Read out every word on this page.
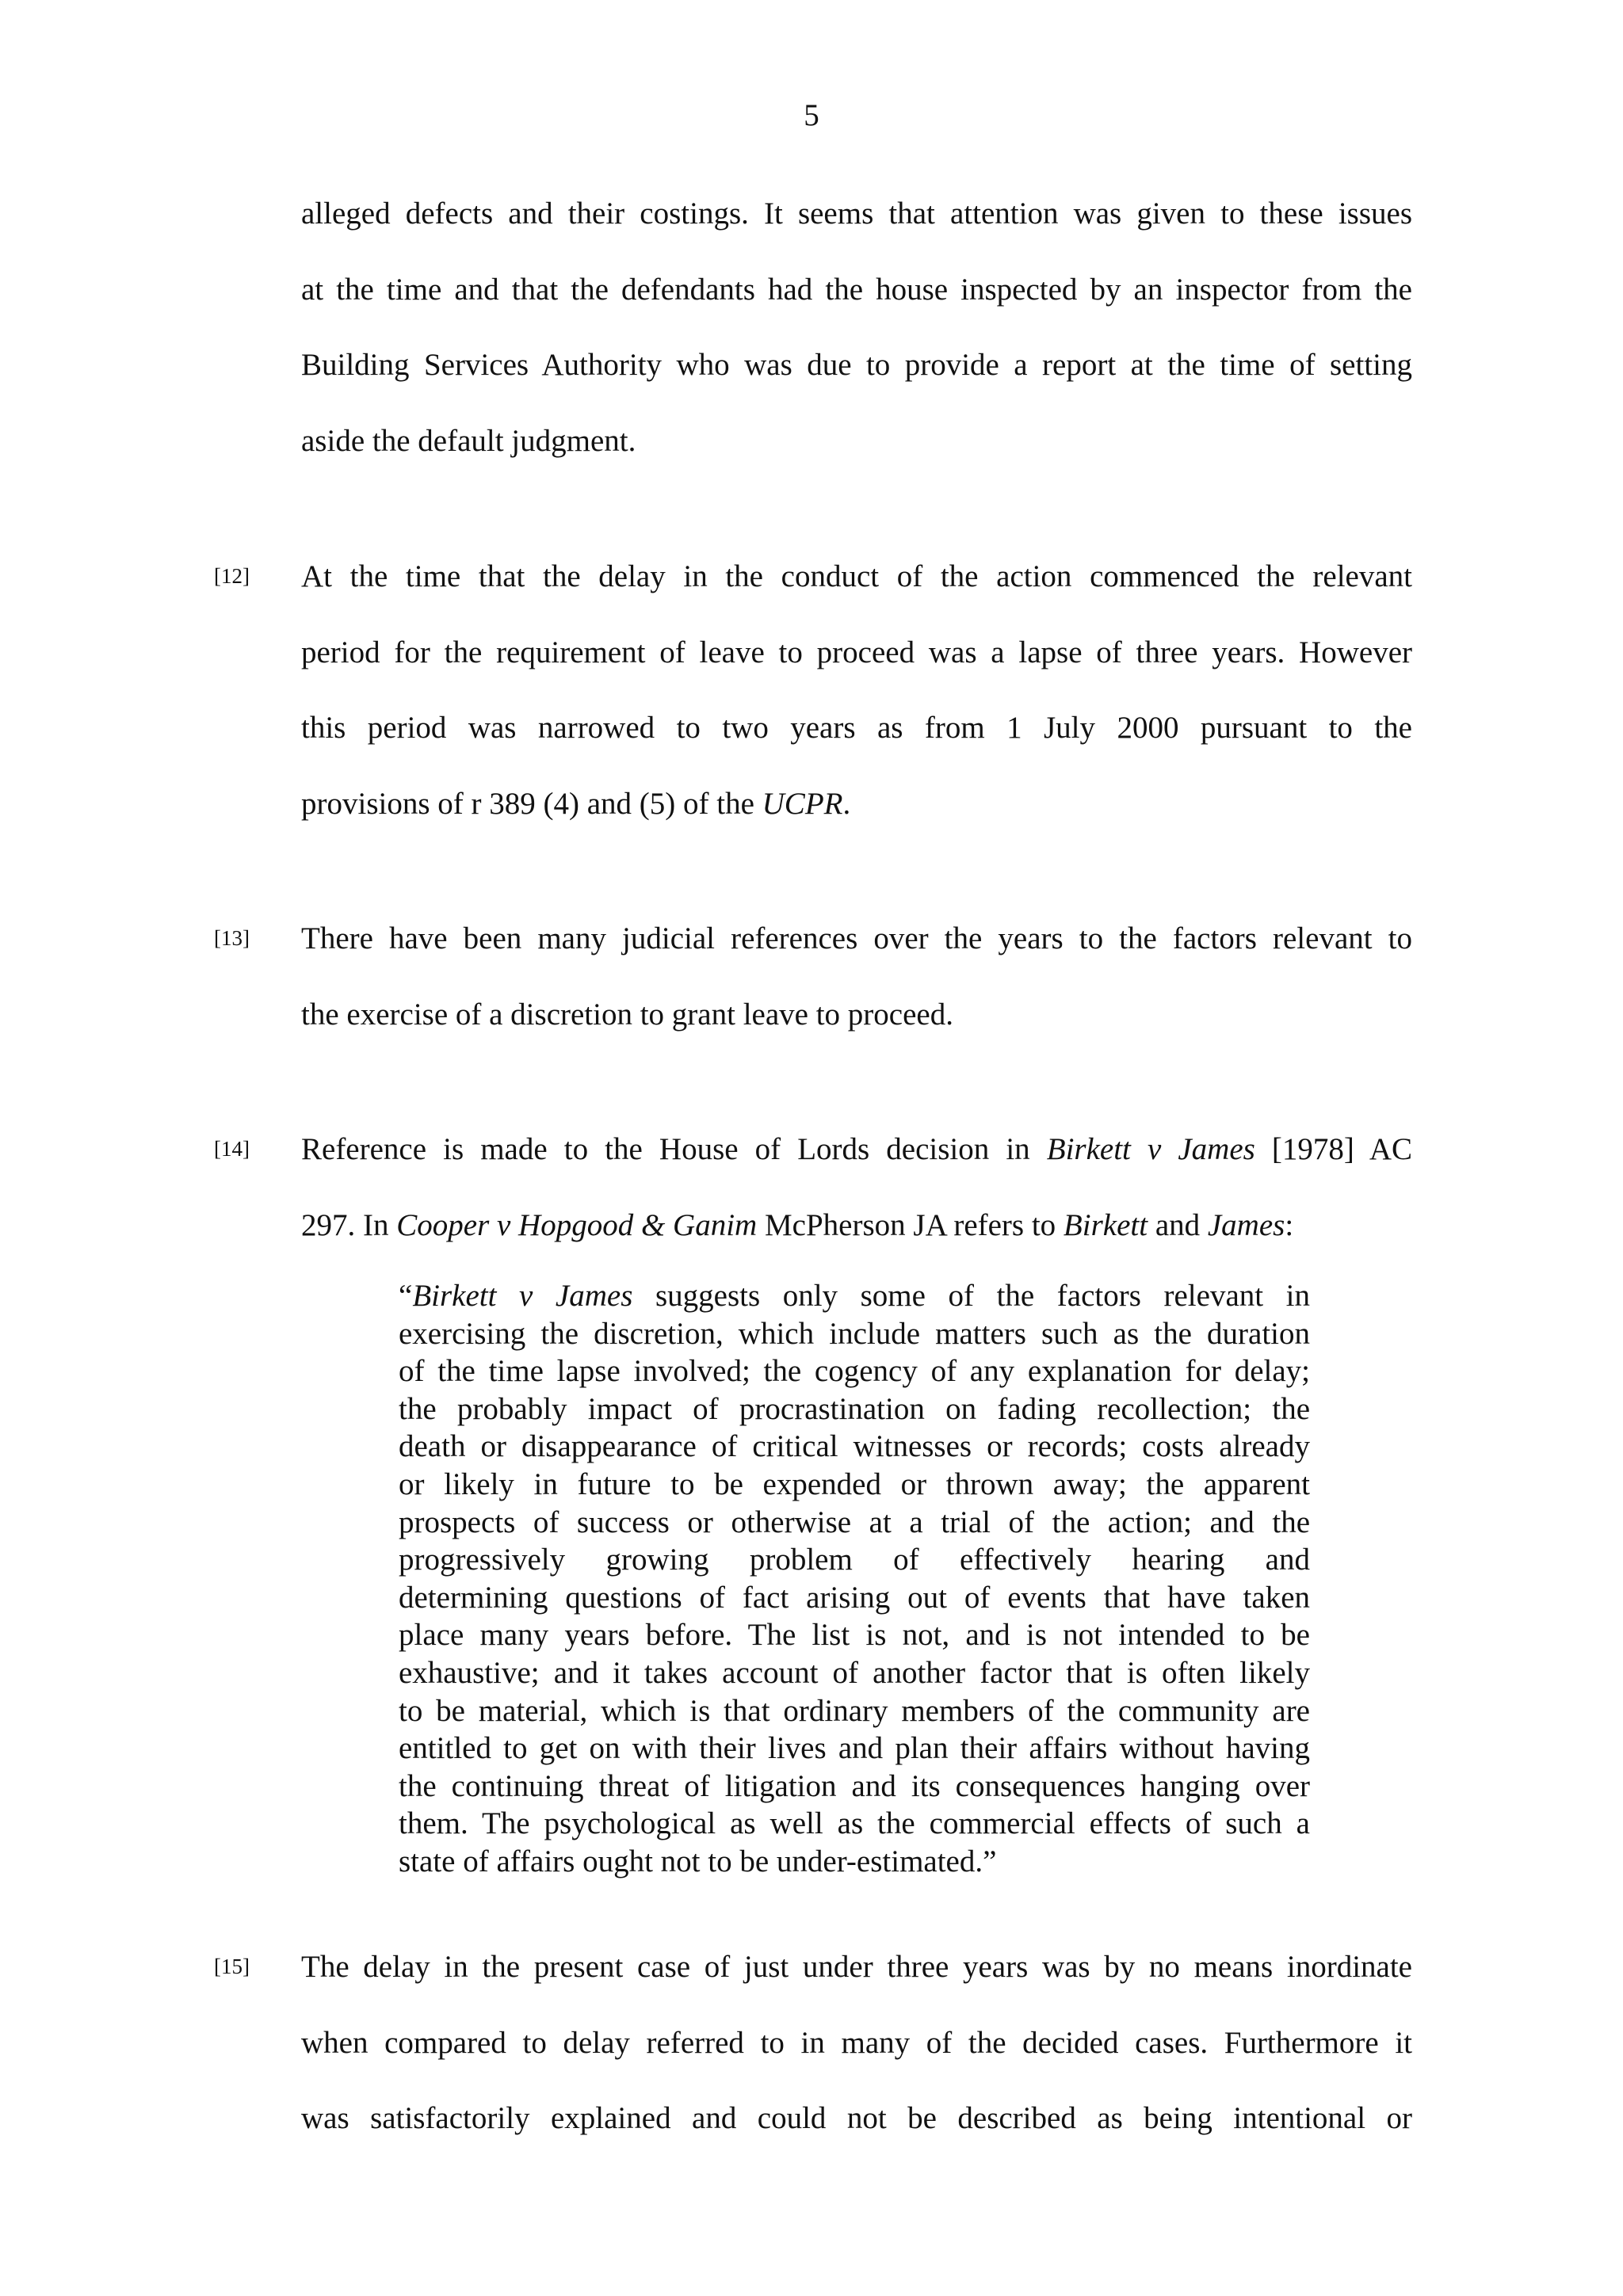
5
alleged defects and their costings. It seems that attention was given to these issues
at the time and that the defendants had the house inspected by an inspector from the
Building Services Authority who was due to provide a report at the time of setting
aside the default judgment.
[12] At the time that the delay in the conduct of the action commenced the relevant
period for the requirement of leave to proceed was a lapse of three years. However
this period was narrowed to two years as from 1 July 2000 pursuant to the
provisions of r 389 (4) and (5) of the UCPR.
[13] There have been many judicial references over the years to the factors relevant to
the exercise of a discretion to grant leave to proceed.
[14] Reference is made to the House of Lords decision in Birkett v James [1978] AC
297. In Cooper v Hopgood & Ganim McPherson JA refers to Birkett and James:
“Birkett v James suggests only some of the factors relevant in
exercising the discretion, which include matters such as the duration
of the time lapse involved; the cogency of any explanation for delay;
the probably impact of procrastination on fading recollection; the
death or disappearance of critical witnesses or records; costs already
or likely in future to be expended or thrown away; the apparent
prospects of success or otherwise at a trial of the action; and the
progressively growing problem of effectively hearing and
determining questions of fact arising out of events that have taken
place many years before. The list is not, and is not intended to be
exhaustive; and it takes account of another factor that is often likely
to be material, which is that ordinary members of the community are
entitled to get on with their lives and plan their affairs without having
the continuing threat of litigation and its consequences hanging over
them. The psychological as well as the commercial effects of such a
state of affairs ought not to be under-estimated.”
[15] The delay in the present case of just under three years was by no means inordinate
when compared to delay referred to in many of the decided cases. Furthermore it
was satisfactorily explained and could not be described as being intentional or
